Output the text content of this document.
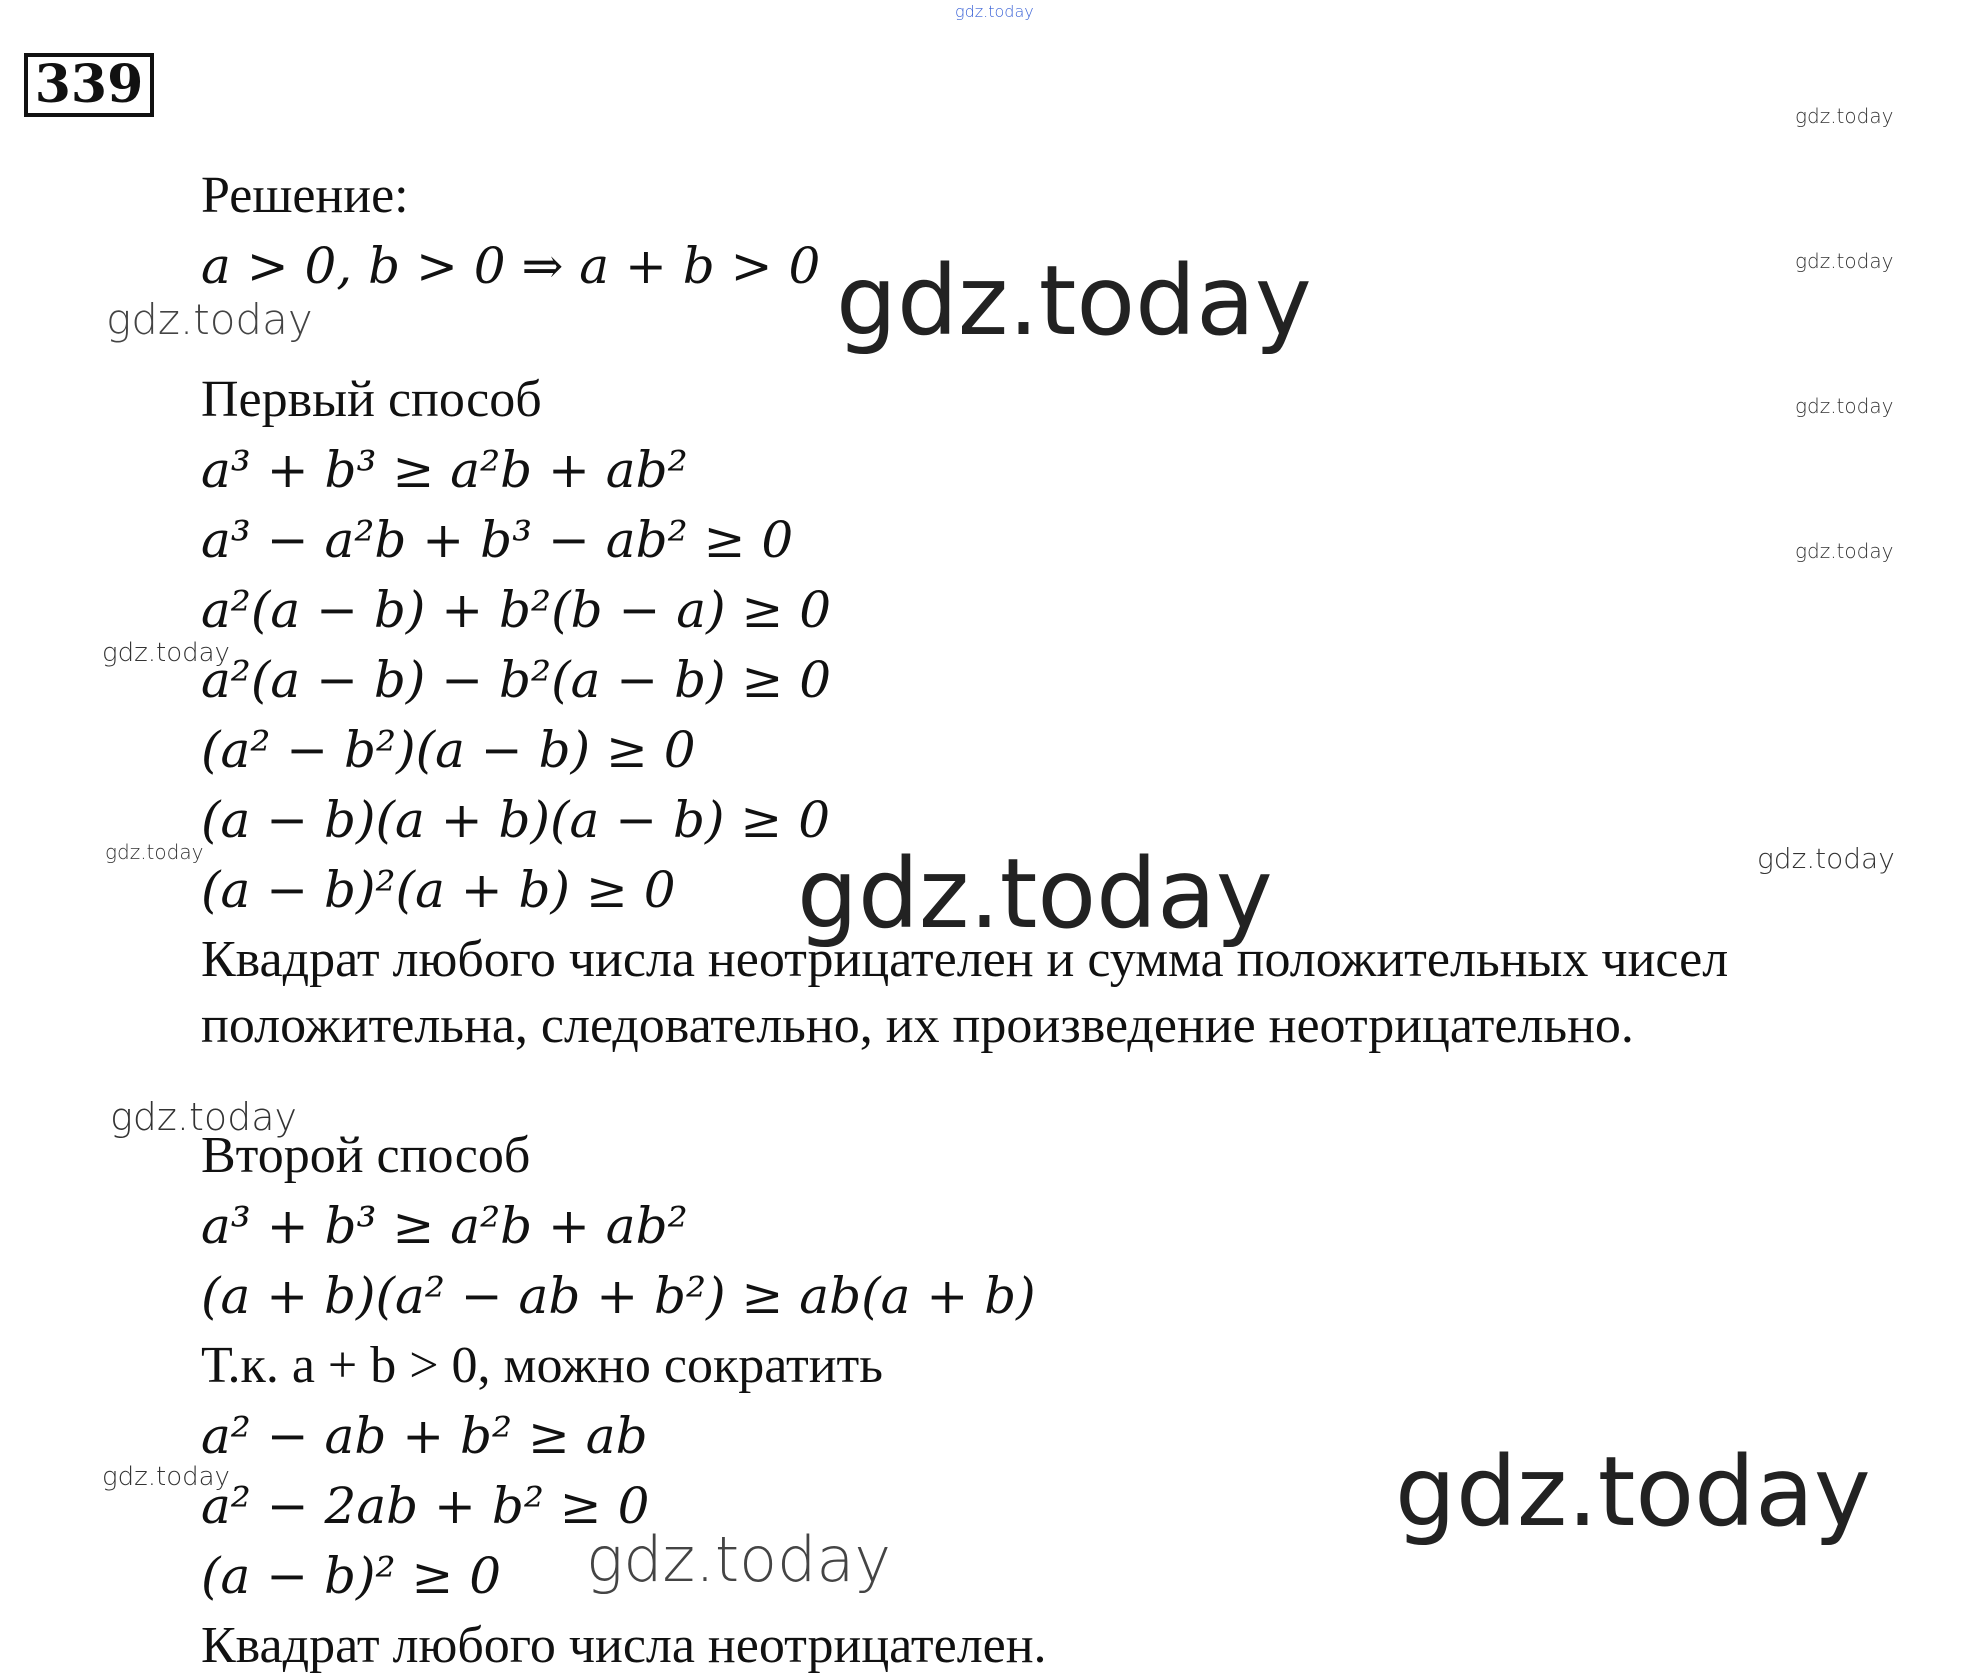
339
Решение:
a > 0, b > 0 ⇒ a + b > 0
Первый способ
a³ + b³ ≥ a²b + ab²
a³ − a²b + b³ − ab² ≥ 0
a²(a − b) + b²(b − a) ≥ 0
a²(a − b) − b²(a − b) ≥ 0
(a² − b²)(a − b) ≥ 0
(a − b)(a + b)(a − b) ≥ 0
(a − b)²(a + b) ≥ 0
Квадрат любого числа неотрицателен и сумма положительных чисел
положительна, следовательно, их произведение неотрицательно.
Второй способ
a³ + b³ ≥ a²b + ab²
(a + b)(a² − ab + b²) ≥ ab(a + b)
Т.к. a + b > 0, можно сократить
a² − ab + b² ≥ ab
a² − 2ab + b² ≥ 0
(a − b)² ≥ 0
Квадрат любого числа неотрицателен.
gdz.today
gdz.today
gdz.today
gdz.today
gdz.today
gdz.today
gdz.today
gdz.today
gdz.today	gdz.today
gdz.today
gdz.today
gdz.today	gdz.today
gdz.today
